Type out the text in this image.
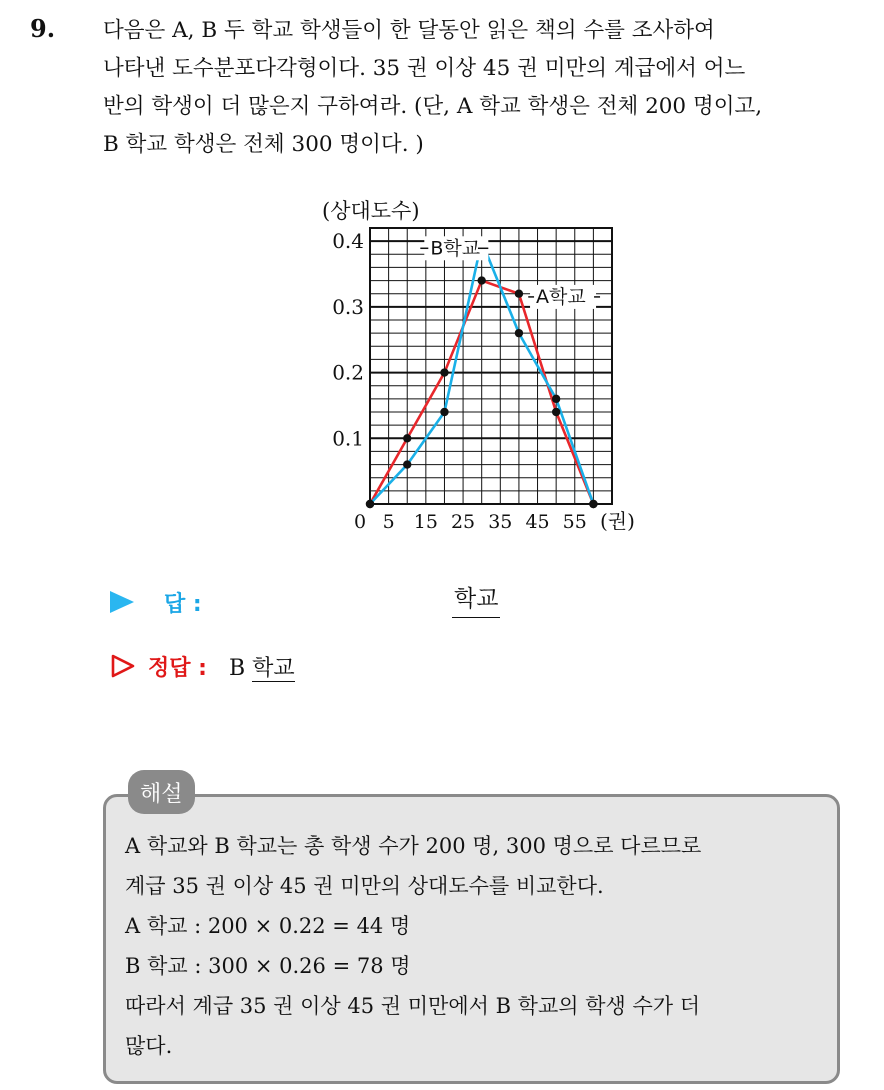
9. 다음은 A, B 두 학교 학생들이 한 달동안 읽은 책의 수를 조사하여
나타낸 도수분포다각형이다. 35 권 이상 45 권 미만의 계급에서 어느
반의 학생이 더 많은지 구하여라. (단, A 학교 학생은 전체 200 명이고,
B 학교 학생은 전체 300 명이다. )

(상대도수)
(권)
0.1
0.2
0.3
0.4
0 5 15 25 35 45 55
B학교
A학교
답 :	학교
정답 : B 학교
해설

A 학교와 B 학교는 총 학생 수가 200 명, 300 명으로 다르므로
계급 35 권 이상 45 권 미만의 상대도수를 비교한다.
A 학교 : 200 × 0.22 = 44 명
B 학교 : 300 × 0.26 = 78 명
따라서 계급 35 권 이상 45 권 미만에서 B 학교의 학생 수가 더
많다.
